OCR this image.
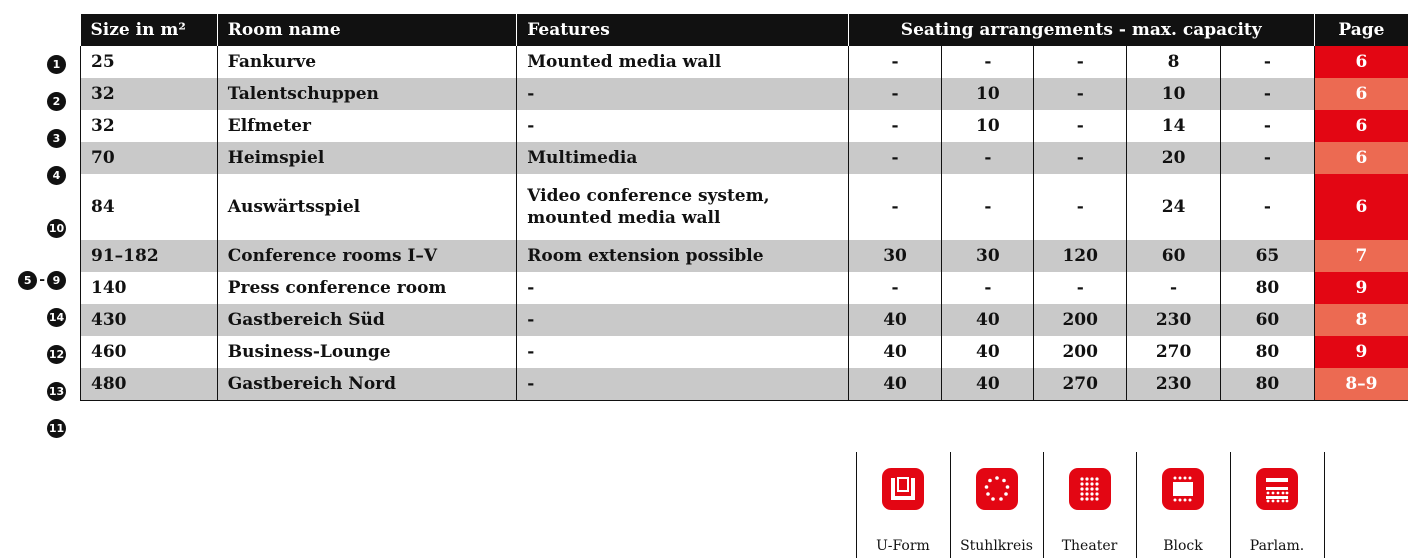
Size in m²	Room name	Features	Seating arrangements - max. capacity					Page
25	Fankurve	Mounted media wall	-	-	-	8	-	6
32	Talentschuppen	-	-	10	-	10	-	6
32	Elfmeter	-	-	10	-	14	-	6
70	Heimspiel	Multimedia	-	-	-	20	-	6
84	Auswärtsspiel	Video conference system,
mounted media wall	-	-	-	24	-	6
91–182	Conference rooms I–V	Room extension possible	30	30	120	60	65	7
140	Press conference room	-	-	-	-	-	80	9
430	Gastbereich Süd	-	40	40	200	230	60	8
460	Business-Lounge	-	40	40	200	270	80	9
480	Gastbereich Nord	-	40	40	270	230	80	8–9
1
2
3
4
10
5 - 9
14
12
13
11
U-Form Stuhlkreis Theater	Block	Parlam.
